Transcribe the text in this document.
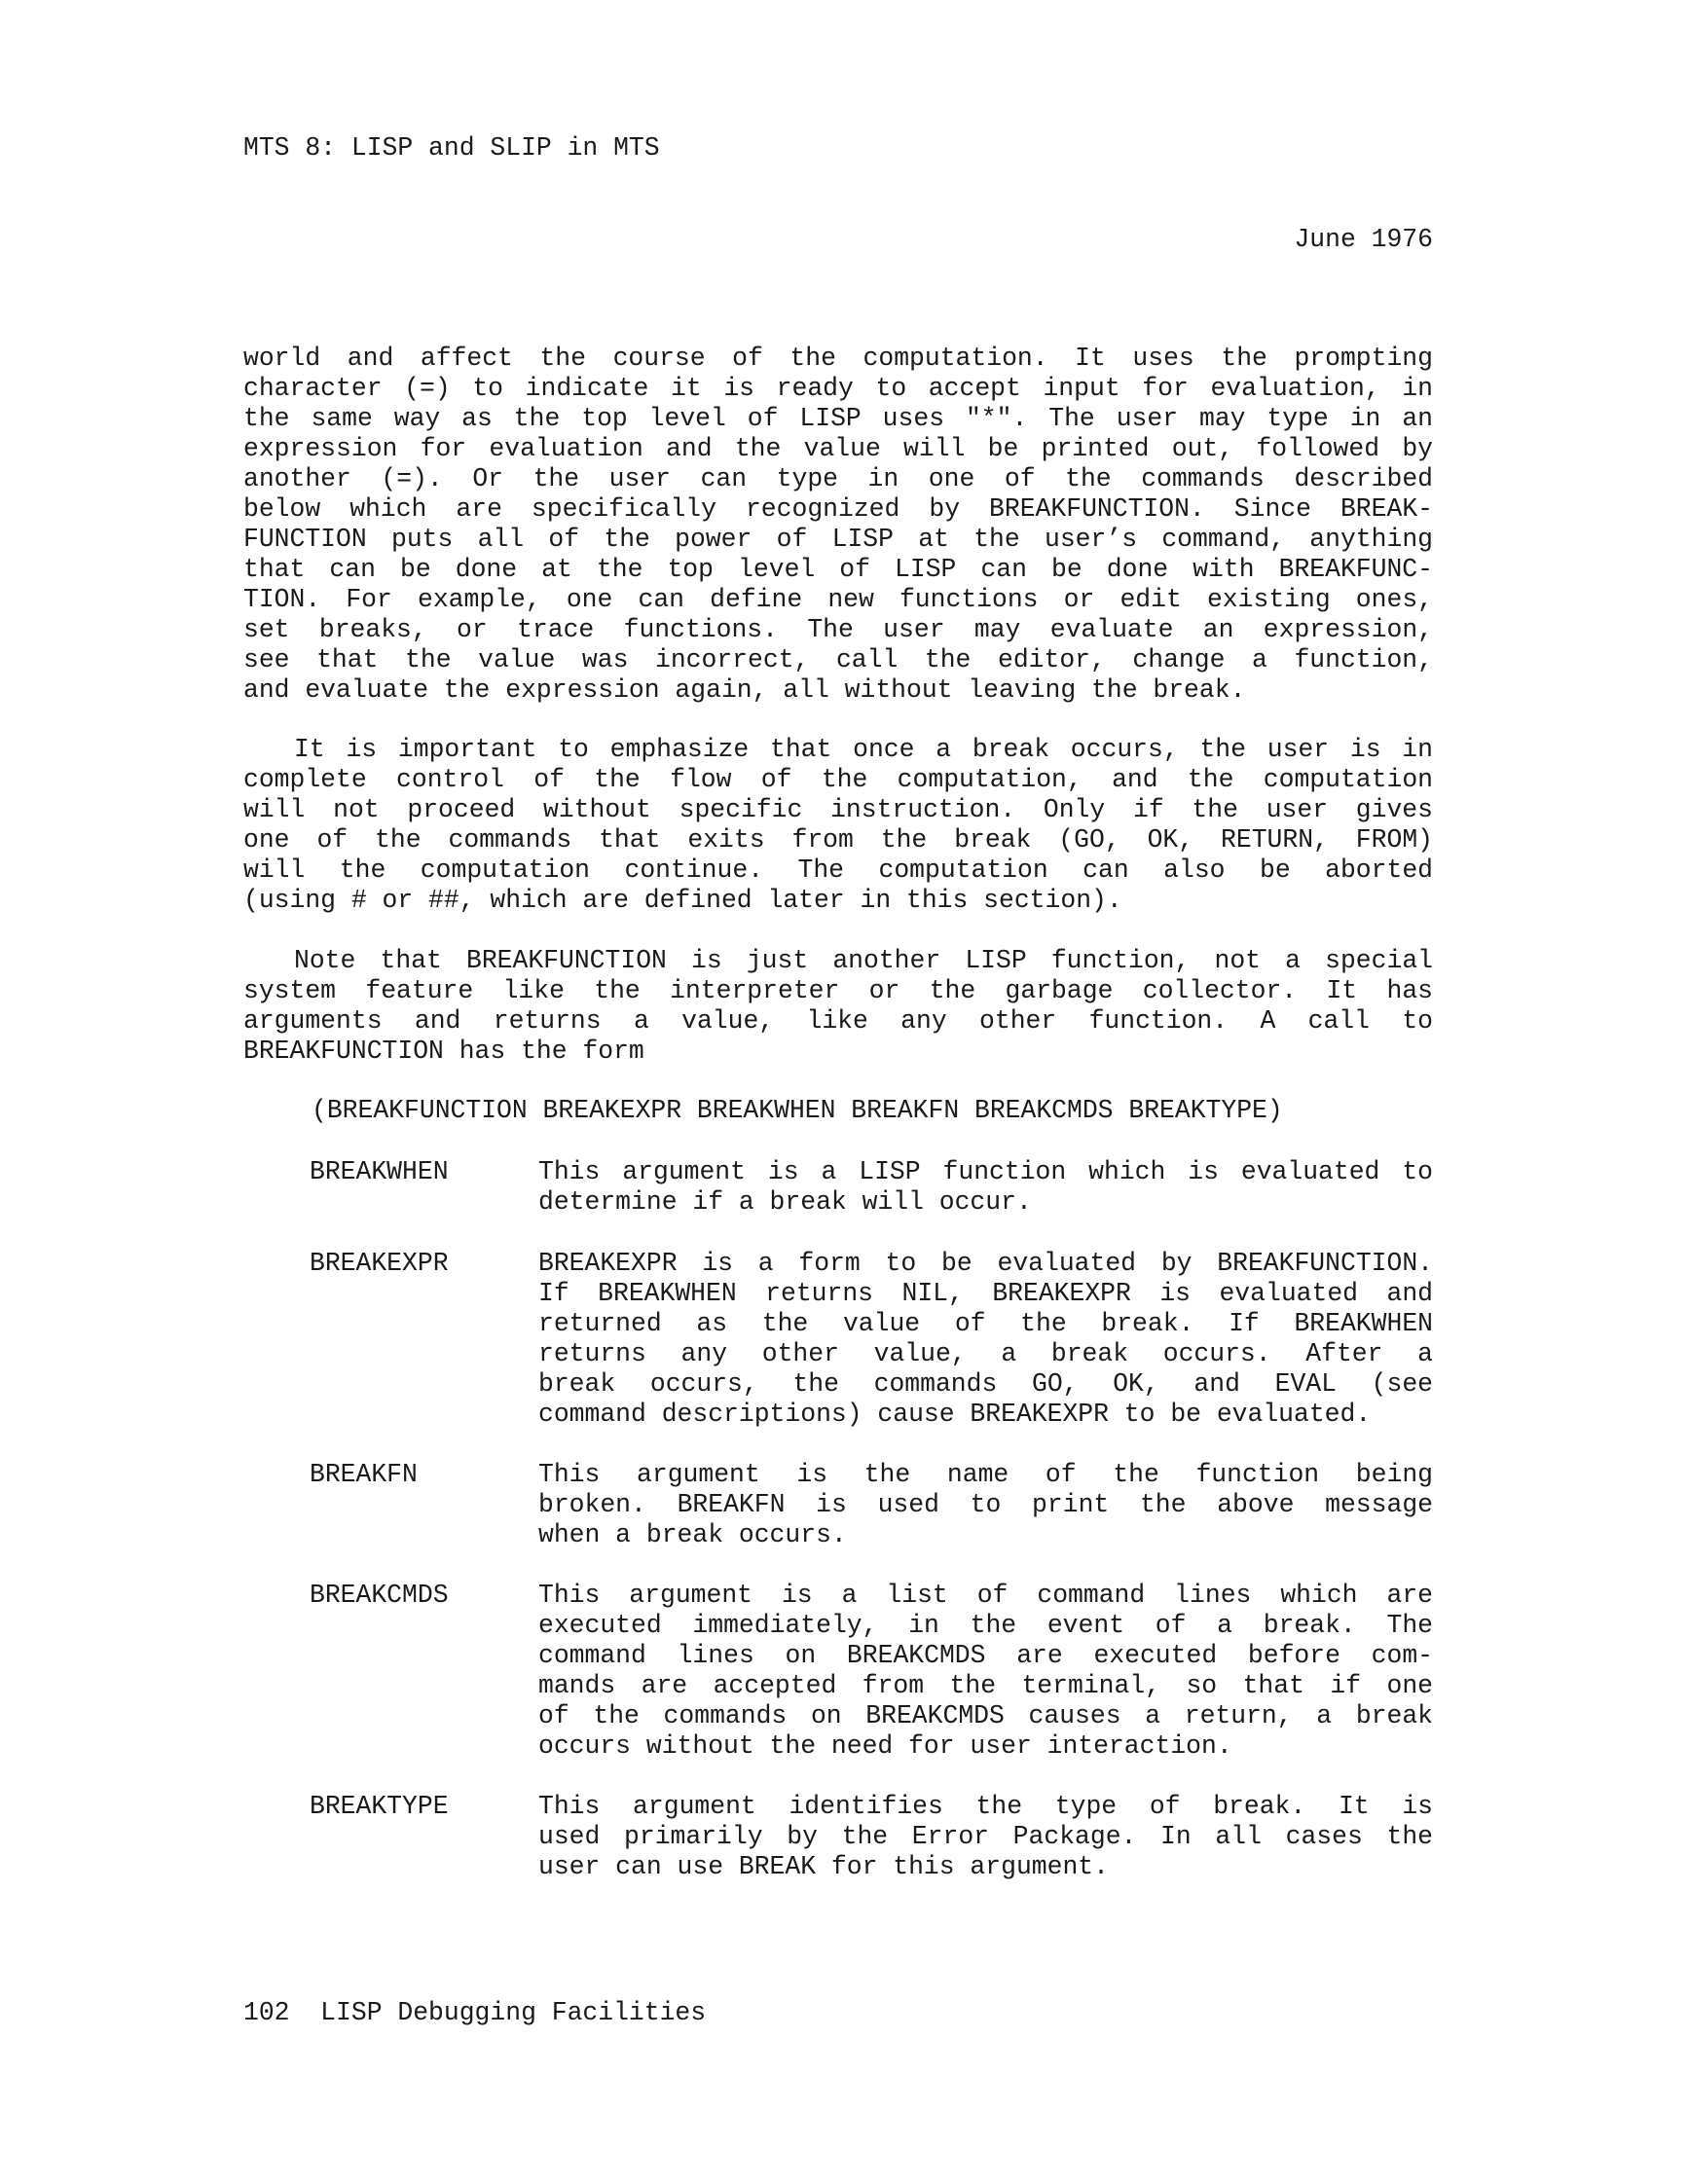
MTS 8: LISP and SLIP in MTS
June 1976
world and affect the course of the computation. It uses the prompting
character (=) to indicate it is ready to accept input for evaluation, in
the same way as the top level of LISP uses "*". The user may type in an
expression for evaluation and the value will be printed out, followed by
another (=). Or the user can type in one of the commands described
below which are specifically recognized by BREAKFUNCTION. Since BREAK-
FUNCTION puts all of the power of LISP at the user’s command, anything
that can be done at the top level of LISP can be done with BREAKFUNC-
TION. For example, one can define new functions or edit existing ones,
set breaks, or trace functions. The user may evaluate an expression,
see that the value was incorrect, call the editor, change a function,
and evaluate the expression again, all without leaving the break.
It is important to emphasize that once a break occurs, the user is in
complete control of the flow of the computation, and the computation
will not proceed without specific instruction. Only if the user gives
one of the commands that exits from the break (GO, OK, RETURN, FROM)
will the computation continue. The computation can also be aborted
(using # or ##, which are defined later in this section).
Note that BREAKFUNCTION is just another LISP function, not a special
system feature like the interpreter or the garbage collector. It has
arguments and returns a value, like any other function. A call to
BREAKFUNCTION has the form
(BREAKFUNCTION BREAKEXPR BREAKWHEN BREAKFN BREAKCMDS BREAKTYPE)
BREAKWHEN	This argument is a LISP function which is evaluated to
determine if a break will occur.
BREAKEXPR	BREAKEXPR is a form to be evaluated by BREAKFUNCTION.
If BREAKWHEN returns NIL, BREAKEXPR is evaluated and
returned as the value of the break. If BREAKWHEN
returns any other value, a break occurs. After a
break occurs, the commands GO, OK, and EVAL (see
command descriptions) cause BREAKEXPR to be evaluated.
BREAKFN	This argument is the name of the function being
broken. BREAKFN is used to print the above message
when a break occurs.
BREAKCMDS	This argument is a list of command lines which are
executed immediately, in the event of a break. The
command lines on BREAKCMDS are executed before com-
mands are accepted from the terminal, so that if one
of the commands on BREAKCMDS causes a return, a break
occurs without the need for user interaction.
BREAKTYPE	This argument identifies the type of break. It is
used primarily by the Error Package. In all cases the
user can use BREAK for this argument.
102  LISP Debugging Facilities
